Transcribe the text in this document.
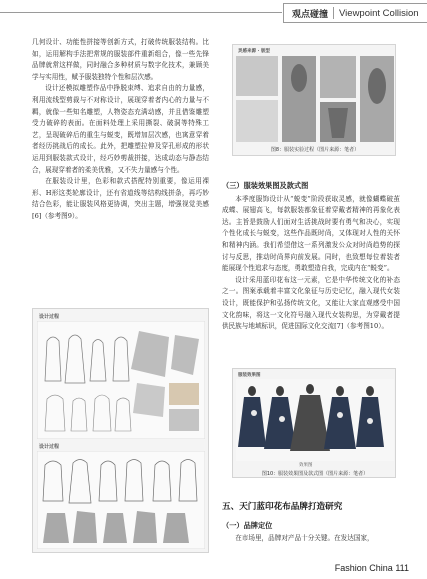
观点碰撞 Viewpoint Collision

几何设计、功能性拼接等创新方式，打破传统服装结构。比如，运用解构手法把常规的服装部件重新组合，像一些先锋品牌就常这样做，同时融合多种材质与数字化技术，兼顾美学与实用性，赋予服装独特个性和层次感。

设计还模拟雕塑作品中挣脱束缚、追求自由的力量感，利用流线型剪裁与不对称设计，展现穿着者内心的力量与不羁，就像一些知名雕塑，人物姿态充满动感，并且借鉴雕塑受力破碎的表面。在面料处理上采用撕裂、破洞等特殊工艺，呈现破碎后的重生与蜕变，既增加层次感，也寓意穿着者经历挑战后的成长。此外，把雕塑拉伸及穿孔形成的形状运用到服装款式设计，经巧妙剪裁拼接，达成动态与静态结合，展现穿着者的柔美优雅，又不失力量感与个性。

在服装设计里，色彩和款式搭配特别重要，像运用裸形、H形这类轮廓设计，还有省道线等结构线拼条，再巧妙结合色彩，能让服装风格更协调，突出主题，增强视觉美感[6]（参考图9）。

设计过程
设计过程
灵感来源 · 版型
图8：服装实验过程（图片来源：笔者）

（三）服装效果图及款式图

本季度服饰设计从“蜕变”阶段获取灵感，就像蝴蝶破茧成蝶、展翅高飞，每款服装都象征着穿戴者精神的再象化表达。主旨是鼓励人们面对生活挑战时要有勇气和决心，实现个性化成长与蜕变，这些作品既时尚，又体现对人性的关怀和精神内涵。我们希望借这一系列激发公众对时尚趋势的探讨与反思，推动时尚界向前发展。同时，也致想每位着装者能展现个性追求与态度，勇敢塑造自我，完成内在“蜕变”。

设计采用蓝印花布这一元素，它是中华传统文化的补态之一。图案承载着丰富文化象征与历史记忆，融入现代女装设计，既能保护和弘扬传统文化，又能让大家直观感受中国文化韵味，将这一文化符号融入现代女装构思，为穿戴者提供民族与地域标识，促进国际文化交流[7]（参考图10）。

服装效果图
效果图
图10：服装效果图及款式图（图片来源：笔者）

五、天门蓝印花布品牌打造研究

（一）品牌定位

在市场里，品牌对产品十分关键。在发达国家，

Fashion China 111
